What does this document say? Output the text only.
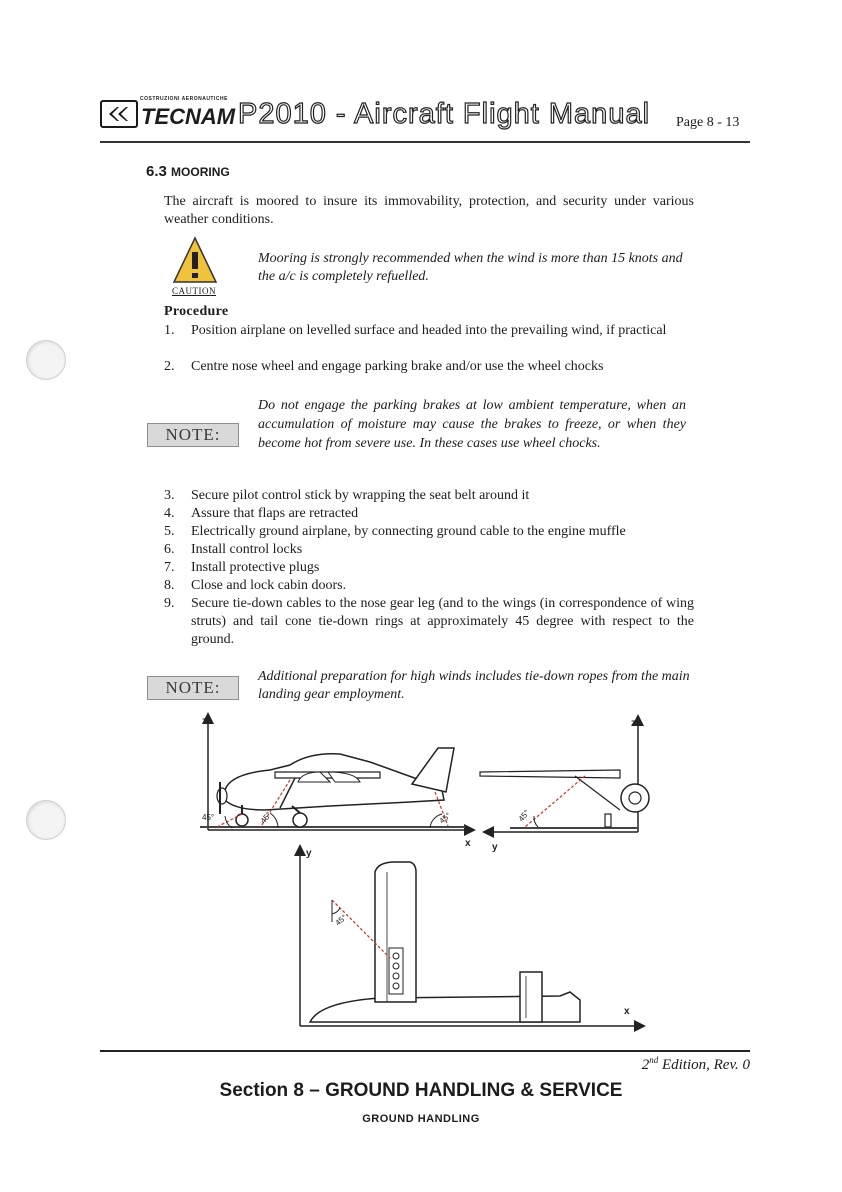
COSTRUZIONI AERONAUTICHE
TECNAM P2010 - Aircraft Flight Manual Page 8 - 13
6.3 MOORING
The aircraft is moored to insure its immovability, protection, and security under various weather conditions.
CAUTION
Mooring is strongly recommended when the wind is more than 15 knots and the a/c is completely refuelled.
Procedure
1.	Position airplane on levelled surface and headed into the prevailing wind, if practical
2.	Centre nose wheel and engage parking brake and/or use the wheel chocks
NOTE:
Do not engage the parking brakes at low ambient temperature, when an accumulation of moisture may cause the brakes to freeze, or when they become hot from severe use. In these cases use wheel chocks.
3.	Secure pilot control stick by wrapping the seat belt around it
4.	Assure that flaps are retracted
5.	Electrically ground airplane, by connecting ground cable to the engine muffle
6.	Install control locks
7.	Install protective plugs
8.	Close and lock cabin doors.
9.	Secure tie-down cables to the nose gear leg (and to the wings (in correspondence of wing struts) and tail cone tie-down rings at approximately 45 degree with respect to the ground.
NOTE:
Additional preparation for high winds includes tie-down ropes from the main landing gear employment.
45°	45°	45°
z
x
45°
z
y
45°
y
x
2nd Edition, Rev. 0
Section 8 – GROUND HANDLING & SERVICE
GROUND HANDLING
